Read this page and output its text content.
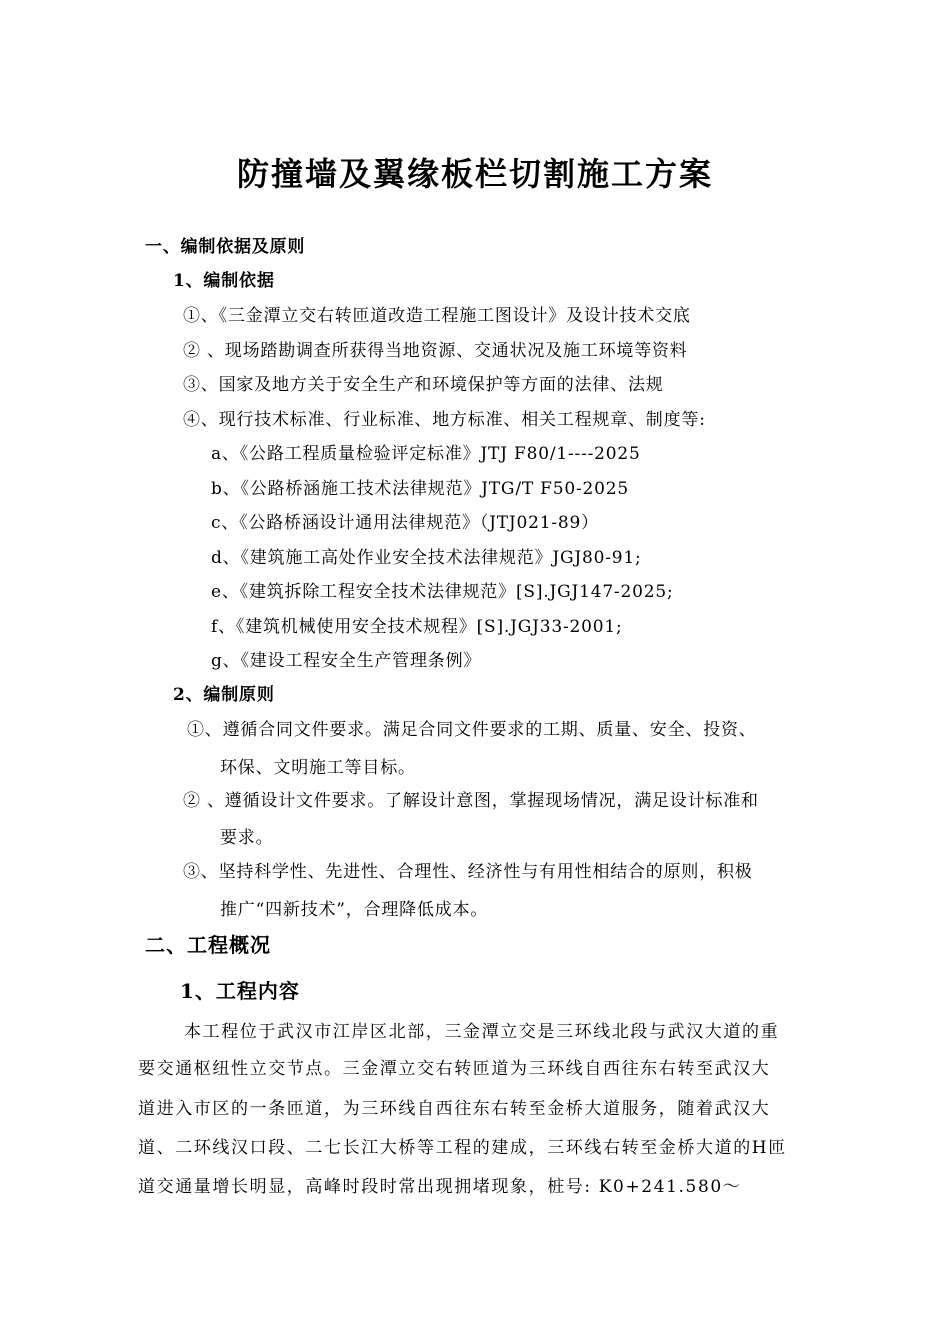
防撞墙及翼缘板栏切割施工方案
一、编制依据及原则
1、编制依据
①、《三金潭立交右转匝道改造工程施工图设计》及设计技术交底
② 、现场踏勘调查所获得当地资源、交通状况及施工环境等资料
③、国家及地方关于安全生产和环境保护等方面的法律、法规
④、现行技术标准、行业标准、地方标准、相关工程规章、制度等:
a、《公路工程质量检验评定标准》JTJ F80/1----2025
b、《公路桥涵施工技术法律规范》JTG/T F50-2025
c、《公路桥涵设计通用法律规范》（JTJ021-89）
d、《建筑施工高处作业安全技术法律规范》JGJ80-91;
e、《建筑拆除工程安全技术法律规范》[S].JGJ147-2025;
f、《建筑机械使用安全技术规程》[S].JGJ33-2001;
g、《建设工程安全生产管理条例》
2、编制原则
①、遵循合同文件要求。满足合同文件要求的工期、质量、安全、投资、
环保、文明施工等目标。
② 、遵循设计文件要求。了解设计意图，掌握现场情况，满足设计标准和
要求。
③、坚持科学性、先进性、合理性、经济性与有用性相结合的原则，积极
推广“四新技术”，合理降低成本。
二、工程概况
1、工程内容
本工程位于武汉市江岸区北部，三金潭立交是三环线北段与武汉大道的重
要交通枢纽性立交节点。三金潭立交右转匝道为三环线自西往东右转至武汉大
道进入市区的一条匝道，为三环线自西往东右转至金桥大道服务，随着武汉大
道、二环线汉口段、二七长江大桥等工程的建成，三环线右转至金桥大道的H匝
道交通量增长明显，高峰时段时常出现拥堵现象，桩号: K0+241.580～
